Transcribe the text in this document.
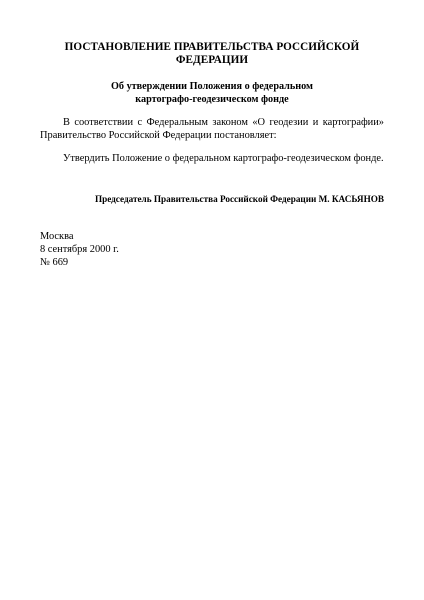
ПОСТАНОВЛЕНИЕ ПРАВИТЕЛЬСТВА РОССИЙСКОЙ
ФЕДЕРАЦИИ
Об утверждении Положения о федеральном
картографо-геодезическом фонде

В соответствии с Федеральным законом «О геодезии и картографии» Правительство Российской Федерации постановляет:

Утвердить Положение о федеральном картографо-геодезическом фонде.

Председатель Правительства Российской Федерации М. КАСЬЯНОВ
Москва
8 сентября 2000 г.
№ 669
